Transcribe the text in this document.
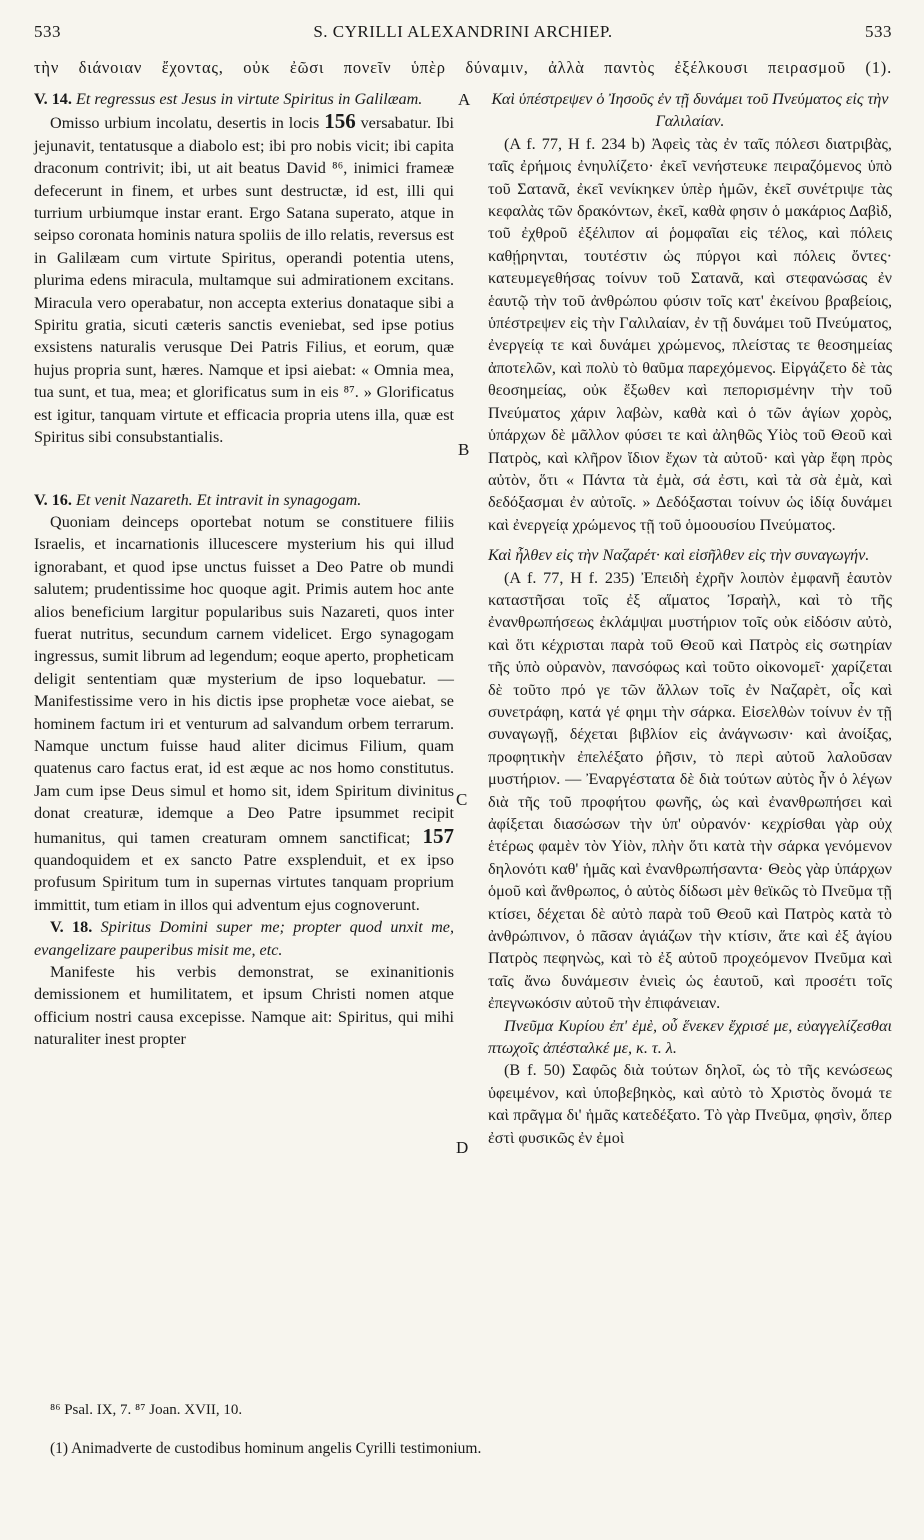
533	S. CYRILLI ALEXANDRINI ARCHIEP.	533
τὴν διάνοιαν ἔχοντας, οὐκ ἐῶσι πονεῖν ὑπὲρ δύναμιν, ἀλλὰ παντὸς ἐξέλκουσι πειρασμοῦ (1).

V. 14. Et regressus est Jesus in virtute Spiritus in Galilæam.

Omisso urbium incolatu, desertis in locis 156 versabatur. Ibi jejunavit, tentatusque a diabolo est; ibi pro nobis vicit; ibi capita draconum contrivit; ibi, ut ait beatus David ⁸⁶, inimici frameæ defecerunt in finem, et urbes sunt destructæ, id est, illi qui turrium urbiumque instar erant. Ergo Satana superato, atque in seipso coronata hominis natura spoliis de illo relatis, reversus est in Galilæam cum virtute Spiritus, operandi potentia utens, plurima edens miracula, multamque sui admirationem excitans. Miracula vero operabatur, non accepta exterius donataque sibi a Spiritu gratia, sicuti cæteris sanctis eveniebat, sed ipse potius exsistens naturalis verusque Dei Patris Filius, et eorum, quæ hujus propria sunt, hæres. Namque et ipsi aiebat: « Omnia mea, tua sunt, et tua, mea; et glorificatus sum in eis ⁸⁷. » Glorificatus est igitur, tanquam virtute et efficacia propria utens illa, quæ est Spiritus sibi consubstantialis.

V. 16. Et venit Nazareth. Et intravit in synagogam.

Quoniam deinceps oportebat notum se constituere filiis Israelis, et incarnationis illucescere mysterium his qui illud ignorabant, et quod ipse unctus fuisset a Deo Patre ob mundi salutem; prudentissime hoc quoque agit. Primis autem hoc ante alios beneficium largitur popularibus suis Nazareti, quos inter fuerat nutritus, secundum carnem videlicet. Ergo synagogam ingressus, sumit librum ad legendum; eoque aperto, propheticam deligit sententiam quæ mysterium de ipso loquebatur. — Manifestissime vero in his dictis ipse prophetæ voce aiebat, se hominem factum iri et venturum ad salvandum orbem terrarum. Namque unctum fuisse haud aliter dicimus Filium, quam quatenus caro factus erat, id est æque ac nos homo constitutus. Jam cum ipse Deus simul et homo sit, idem Spiritum divinitus donat creaturæ, idemque a Deo Patre ipsummet recipit humanitus, qui tamen creaturam omnem sanctificat; 157 quandoquidem et ex sancto Patre exsplenduit, et ex ipso profusum Spiritum tum in supernas virtutes tanquam proprium immittit, tum etiam in illos qui adventum ejus cognoverunt.

V. 18. Spiritus Domini super me; propter quod unxit me, evangelizare pauperibus misit me, etc.

Manifeste his verbis demonstrat, se exinanitionis demissionem et humilitatem, et ipsum Christi nomen atque officium nostri causa excepisse. Namque ait: Spiritus, qui mihi naturaliter inest propter

A
B
C
D

Καὶ ὑπέστρεψεν ὁ Ἰησοῦς ἐν τῇ δυνάμει τοῦ Πνεύματος εἰς τὴν Γαλιλαίαν.

(A f. 77, H f. 234 b) Ἀφεὶς τὰς ἐν ταῖς πόλεσι διατριβὰς, ταῖς ἐρήμοις ἐνηυλίζετο· ἐκεῖ νενήστευκε πειραζόμενος ὑπὸ τοῦ Σατανᾶ, ἐκεῖ νενίκηκεν ὑπὲρ ἡμῶν, ἐκεῖ συνέτριψε τὰς κεφαλὰς τῶν δρακόντων, ἐκεῖ, καθὰ φησιν ὁ μακάριος Δαβὶδ, τοῦ ἐχθροῦ ἐξέλιπον αἱ ῥομφαῖαι εἰς τέλος, καὶ πόλεις καθῄρηνται, τουτέστιν ὡς πύργοι καὶ πόλεις ὄντες· κατευμεγεθήσας τοίνυν τοῦ Σατανᾶ, καὶ στεφανώσας ἐν ἑαυτῷ τὴν τοῦ ἀνθρώπου φύσιν τοῖς κατ' ἐκείνου βραβείοις, ὑπέστρεψεν εἰς τὴν Γαλιλαίαν, ἐν τῇ δυνάμει τοῦ Πνεύματος, ἐνεργείᾳ τε καὶ δυνάμει χρώμενος, πλείστας τε θεοσημείας ἀποτελῶν, καὶ πολὺ τὸ θαῦμα παρεχόμενος. Εἰργάζετο δὲ τὰς θεοσημείας, οὐκ ἔξωθεν καὶ πεπορισμένην τὴν τοῦ Πνεύματος χάριν λαβὼν, καθὰ καὶ ὁ τῶν ἁγίων χορὸς, ὑπάρχων δὲ μᾶλλον φύσει τε καὶ ἀληθῶς Υἱὸς τοῦ Θεοῦ καὶ Πατρὸς, καὶ κλῆρον ἴδιον ἔχων τὰ αὐτοῦ· καὶ γὰρ ἔφη πρὸς αὐτὸν, ὅτι « Πάντα τὰ ἐμὰ, σά ἐστι, καὶ τὰ σὰ ἐμὰ, καὶ δεδόξασμαι ἐν αὐτοῖς. » Δεδόξασται τοίνυν ὡς ἰδίᾳ δυνάμει καὶ ἐνεργείᾳ χρώμενος τῇ τοῦ ὁμοουσίου Πνεύματος.

Καὶ ἦλθεν εἰς τὴν Ναζαρέτ· καὶ εἰσῆλθεν εἰς τὴν συναγωγήν.

(A f. 77, H f. 235) Ἐπειδὴ ἐχρῆν λοιπὸν ἐμφανῆ ἑαυτὸν καταστῆσαι τοῖς ἐξ αἵματος Ἰσραὴλ, καὶ τὸ τῆς ἐνανθρωπήσεως ἐκλάμψαι μυστήριον τοῖς οὐκ εἰδόσιν αὐτὸ, καὶ ὅτι κέχρισται παρὰ τοῦ Θεοῦ καὶ Πατρὸς εἰς σωτηρίαν τῆς ὑπὸ οὐρανὸν, πανσόφως καὶ τοῦτο οἰκονομεῖ· χαρίζεται δὲ τοῦτο πρό γε τῶν ἄλλων τοῖς ἐν Ναζαρὲτ, οἷς καὶ συνετράφη, κατά γέ φημι τὴν σάρκα. Εἰσελθὼν τοίνυν ἐν τῇ συναγωγῇ, δέχεται βιβλίον εἰς ἀνάγνωσιν· καὶ ἀνοίξας, προφητικὴν ἐπελέξατο ῥῆσιν, τὸ περὶ αὐτοῦ λαλοῦσαν μυστήριον. — Ἐναργέστατα δὲ διὰ τούτων αὐτὸς ἦν ὁ λέγων διὰ τῆς τοῦ προφήτου φωνῆς, ὡς καὶ ἐνανθρωπήσει καὶ ἀφίξεται διασώσων τὴν ὑπ' οὐρανόν· κεχρίσθαι γὰρ οὐχ ἑτέρως φαμὲν τὸν Υἱὸν, πλὴν ὅτι κατὰ τὴν σάρκα γενόμενον δηλονότι καθ' ἡμᾶς καὶ ἐνανθρωπήσαντα· Θεὸς γὰρ ὑπάρχων ὁμοῦ καὶ ἄνθρωπος, ὁ αὐτὸς δίδωσι μὲν θεϊκῶς τὸ Πνεῦμα τῇ κτίσει, δέχεται δὲ αὐτὸ παρὰ τοῦ Θεοῦ καὶ Πατρὸς κατὰ τὸ ἀνθρώπινον, ὁ πᾶσαν ἁγιάζων τὴν κτίσιν, ἅτε καὶ ἐξ ἁγίου Πατρὸς πεφηνὼς, καὶ τὸ ἐξ αὐτοῦ προχεόμενον Πνεῦμα καὶ ταῖς ἄνω δυνάμεσιν ἐνιεὶς ὡς ἑαυτοῦ, καὶ προσέτι τοῖς ἐπεγνωκόσιν αὐτοῦ τὴν ἐπιφάνειαν.

Πνεῦμα Κυρίου ἐπ' ἐμὲ, οὗ ἕνεκεν ἔχρισέ με, εὐαγγελίζεσθαι πτωχοῖς ἀπέσταλκέ με, κ. τ. λ.

(B f. 50) Σαφῶς διὰ τούτων δηλοῖ, ὡς τὸ τῆς κενώσεως ὑφειμένον, καὶ ὑποβεβηκὸς, καὶ αὐτὸ τὸ Χριστὸς ὄνομά τε καὶ πρᾶγμα δι' ἡμᾶς κατεδέξατο. Τὸ γὰρ Πνεῦμα, φησὶν, ὅπερ ἐστὶ φυσικῶς ἐν ἐμοὶ

⁸⁶ Psal. IX, 7. ⁸⁷ Joan. XVII, 10.
(1) Animadverte de custodibus hominum angelis Cyrilli testimonium.
